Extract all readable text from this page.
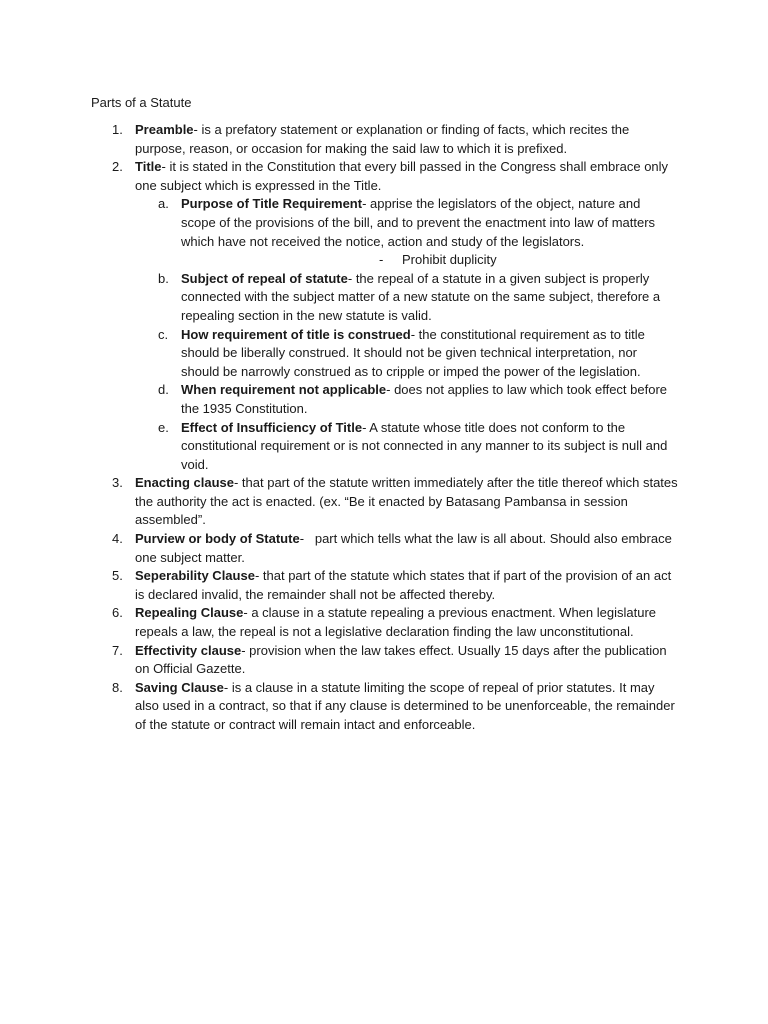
Parts of a Statute
1. Preamble- is a prefatory statement or explanation or finding of facts, which recites the purpose, reason, or occasion for making the said law to which it is prefixed.
2. Title- it is stated in the Constitution that every bill passed in the Congress shall embrace only one subject which is expressed in the Title.
a. Purpose of Title Requirement- apprise the legislators of the object, nature and scope of the provisions of the bill, and to prevent the enactment into law of matters which have not received the notice, action and study of the legislators.
- Prohibit duplicity
b. Subject of repeal of statute- the repeal of a statute in a given subject is properly connected with the subject matter of a new statute on the same subject, therefore a repealing section in the new statute is valid.
c. How requirement of title is construed- the constitutional requirement as to title should be liberally construed. It should not be given technical interpretation, nor should be narrowly construed as to cripple or imped the power of the legislation.
d. When requirement not applicable- does not applies to law which took effect before the 1935 Constitution.
e. Effect of Insufficiency of Title- A statute whose title does not conform to the constitutional requirement or is not connected in any manner to its subject is null and void.
3. Enacting clause- that part of the statute written immediately after the title thereof which states the authority the act is enacted. (ex. “Be it enacted by Batasang Pambansa in session assembled”.
4. Purview or body of Statute-   part which tells what the law is all about. Should also embrace one subject matter.
5. Seperability Clause- that part of the statute which states that if part of the provision of an act is declared invalid, the remainder shall not be affected thereby.
6. Repealing Clause- a clause in a statute repealing a previous enactment. When legislature repeals a law, the repeal is not a legislative declaration finding the law unconstitutional.
7. Effectivity clause- provision when the law takes effect. Usually 15 days after the publication on Official Gazette.
8. Saving Clause- is a clause in a statute limiting the scope of repeal of prior statutes. It may also used in a contract, so that if any clause is determined to be unenforceable, the remainder of the statute or contract will remain intact and enforceable.
